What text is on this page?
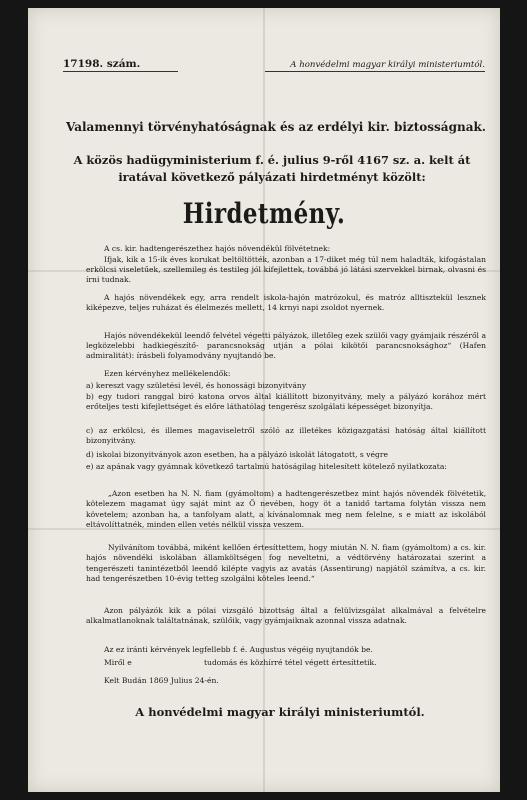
17198. szám.	A honvédelmi magyar királyi ministeriumtól.
Valamennyi törvényhatóságnak és az erdélyi kir. biztosságnak.
A közös hadügyministerium f. é. julius 9-ről 4167 sz. a. kelt át iratával következő pályázati hirdetményt közölt:
Hirdetmény.

A cs. kir. hadtengerészethez hajós növendékül fölvétetnek:

Ifjak, kik a 15-ik éves korukat beltöltötték, azonban a 17-diket még túl nem haladták, kifogástalan erkölcsi viseletűek, szellemileg és testileg jól kifejlettek, továbbá jó látási szervekkel birnak, olvasni és írni tudnak.

A hajós növendékek egy, arra rendelt iskola-hajón matrózokul, és matróz alltisztekül lesznek kiképezve, teljes ruházat és élelmezés mellett, 14 krnyi napi zsoldot nyernek.

Hajós növendékekül leendő felvétel végetti pályázok, illetőleg ezek szülői vagy gyámjaik részéről a legközelebbi hadkiegészítő- parancsnokság utján a pólai kikötői parancsnoksághoz“ (Hafen admiralitát): írásbeli folyamodvány nyujtandó be.

Ezen kérvényhez mellékelendők:

a) kereszt vagy születési levél, és honossági bizonyitvány
b) egy tudori ranggal biró katona orvos által kiállított bizonyitvány, mely a pályázó korához mért erőteljes testi kifejlettséget és előre láthatólag tengerész szolgálati képességet bizonyítja.
c) az erkölcsi, és illemes magaviseletről szóló az illetékes közigazgatási hatóság által kiállított bizonyitvány.
d) iskolai bizonyitványok azon esetben, ha a pályázó iskolát látogatott, s végre
e) az apának vagy gyámnak következő tartalmú hatóságilag hitelesített kötelező nyilatkozata:
„Azon esetben ha N. N. fiam (gyámoltom) a hadtengerészetbez mint hajós növendék fölvétetik, kötelezem magamat úgy saját mint az Ő nevében, hogy öt a tanidő tartama folytán vissza nem követelem; azonban ha, a tanfolyam alatt, a kívánalomnak meg nem felelne, s e miatt az iskolából eltávolíttatnék, minden ellen vetés nélkül vissza veszem.
Nyilvánítom továbbá, miként kellően értesíttettem, hogy miután N. N. fiam (gyámoltom) a cs. kir. hajós növendéki iskolában államköltségen fog neveltetni, a védtörvény határozatai szerint a tengerészeti tanintézetből leendő kilépte vagyis az avatás (Assentirung) napjától számítva, a cs. kir. had tengerészetben 10-évig tetteg szolgálni köteles leend.“

Azon pályázók kik a pólai vizsgáló bizottság által a felülvizsgálat alkalmával a felvételre alkalmatlanoknak találtatnának, szülőik, vagy gyámjaiknak azonnal vissza adatnak.

Az ez iránti kérvények legfellebb f. é. Augustus végéig nyujtandók be.

Miről e	tudomás és közhírré tétel végett értesíttetik.
Kelt Budán 1869 Julius 24-én.
A honvédelmi magyar királyi ministeriumtól.
